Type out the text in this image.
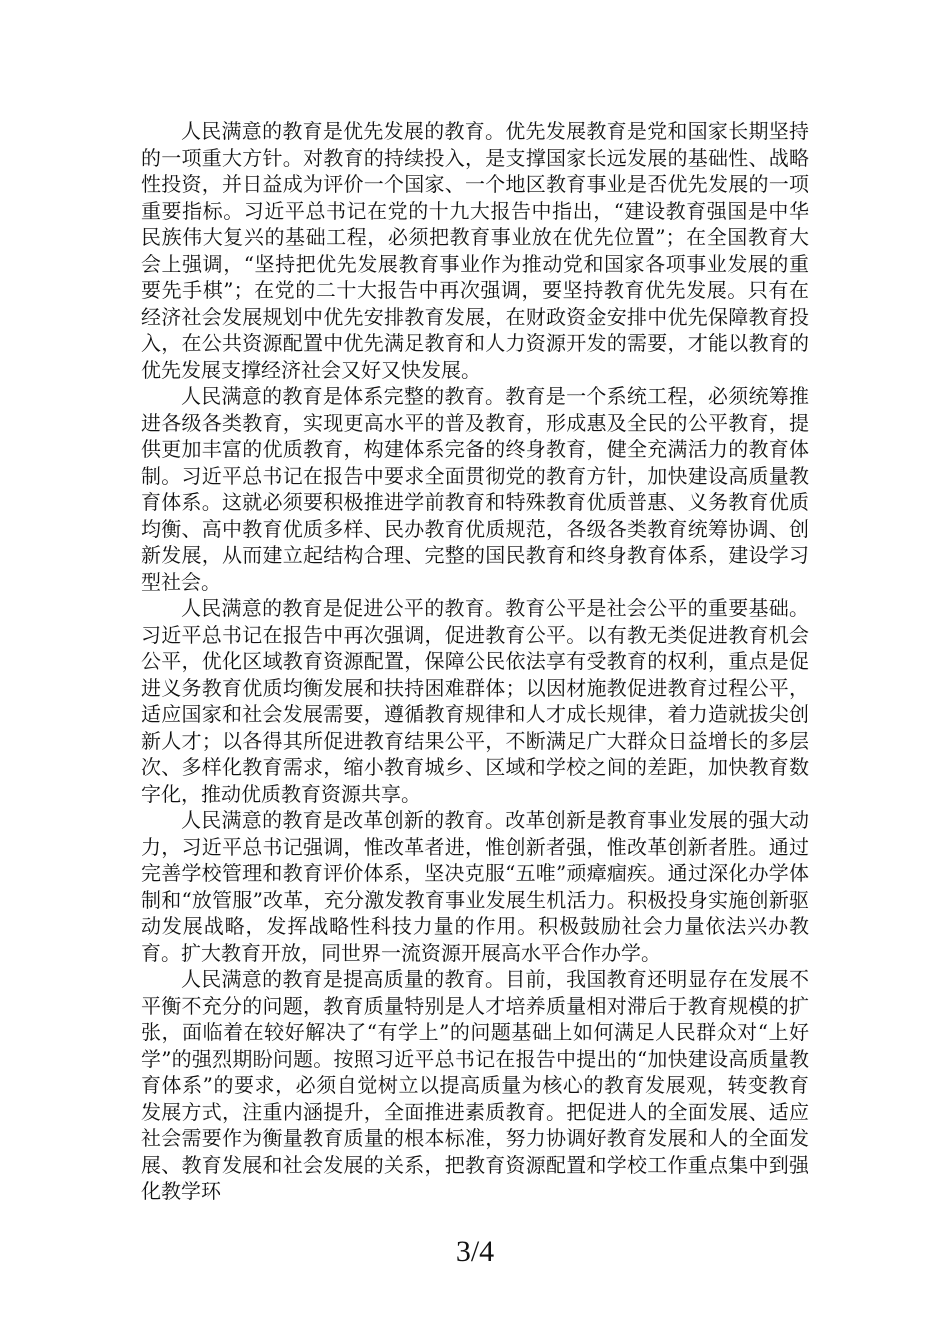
人民满意的教育是优先发展的教育。优先发展教育是党和国家长期坚持的一项重大方针。对教育的持续投入，是支撑国家长远发展的基础性、战略性投资，并日益成为评价一个国家、一个地区教育事业是否优先发展的一项重要指标。习近平总书记在党的十九大报告中指出，“建设教育强国是中华民族伟大复兴的基础工程，必须把教育事业放在优先位置”；在全国教育大会上强调，“坚持把优先发展教育事业作为推动党和国家各项事业发展的重要先手棋”；在党的二十大报告中再次强调，要坚持教育优先发展。只有在经济社会发展规划中优先安排教育发展，在财政资金安排中优先保障教育投入，在公共资源配置中优先满足教育和人力资源开发的需要，才能以教育的优先发展支撑经济社会又好又快发展。

人民满意的教育是体系完整的教育。教育是一个系统工程，必须统筹推进各级各类教育，实现更高水平的普及教育，形成惠及全民的公平教育，提供更加丰富的优质教育，构建体系完备的终身教育，健全充满活力的教育体制。习近平总书记在报告中要求全面贯彻党的教育方针，加快建设高质量教育体系。这就必须要积极推进学前教育和特殊教育优质普惠、义务教育优质均衡、高中教育优质多样、民办教育优质规范，各级各类教育统筹协调、创新发展，从而建立起结构合理、完整的国民教育和终身教育体系，建设学习型社会。

人民满意的教育是促进公平的教育。教育公平是社会公平的重要基础。习近平总书记在报告中再次强调，促进教育公平。以有教无类促进教育机会公平，优化区域教育资源配置，保障公民依法享有受教育的权利，重点是促进义务教育优质均衡发展和扶持困难群体；以因材施教促进教育过程公平，适应国家和社会发展需要，遵循教育规律和人才成长规律，着力造就拔尖创新人才；以各得其所促进教育结果公平，不断满足广大群众日益增长的多层次、多样化教育需求，缩小教育城乡、区域和学校之间的差距，加快教育数字化，推动优质教育资源共享。

人民满意的教育是改革创新的教育。改革创新是教育事业发展的强大动力，习近平总书记强调，惟改革者进，惟创新者强，惟改革创新者胜。通过完善学校管理和教育评价体系，坚决克服“五唯”顽瘴痼疾。通过深化办学体制和“放管服”改革，充分激发教育事业发展生机活力。积极投身实施创新驱动发展战略，发挥战略性科技力量的作用。积极鼓励社会力量依法兴办教育。扩大教育开放，同世界一流资源开展高水平合作办学。

人民满意的教育是提高质量的教育。目前，我国教育还明显存在发展不平衡不充分的问题，教育质量特别是人才培养质量相对滞后于教育规模的扩张，面临着在较好解决了“有学上”的问题基础上如何满足人民群众对“上好学”的强烈期盼问题。按照习近平总书记在报告中提出的“加快建设高质量教育体系”的要求，必须自觉树立以提高质量为核心的教育发展观，转变教育发展方式，注重内涵提升，全面推进素质教育。把促进人的全面发展、适应社会需要作为衡量教育质量的根本标准，努力协调好教育发展和人的全面发展、教育发展和社会发展的关系，把教育资源配置和学校工作重点集中到强化教学环

3/4
